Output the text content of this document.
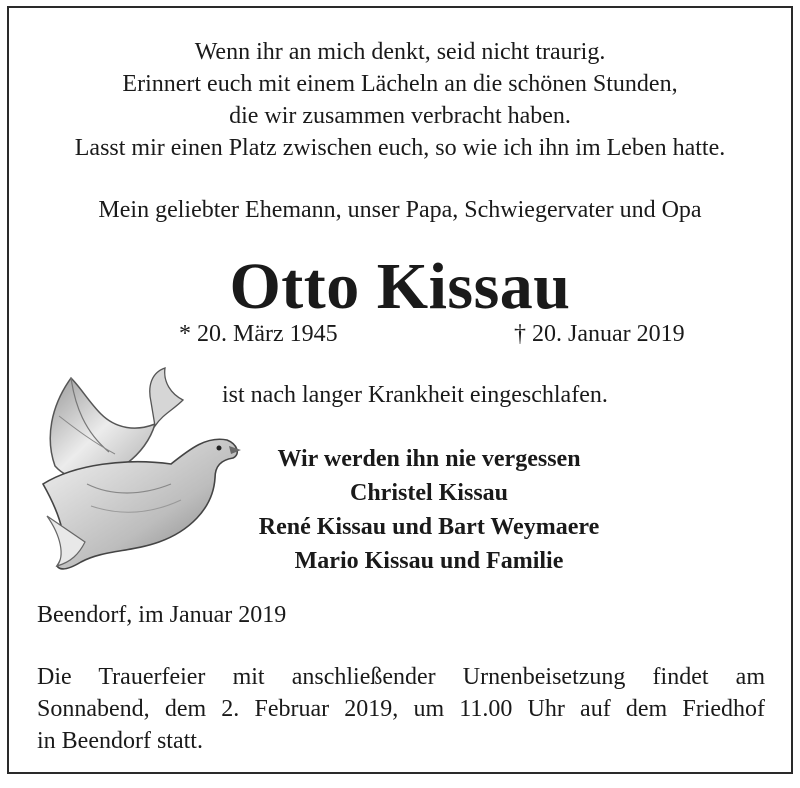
Wenn ihr an mich denkt, seid nicht traurig.
Erinnert euch mit einem Lächeln an die schönen Stunden,
die wir zusammen verbracht haben.
Lasst mir einen Platz zwischen euch, so wie ich ihn im Leben hatte.
Mein geliebter Ehemann, unser Papa, Schwiegervater und Opa
Otto Kissau
* 20. März 1945	† 20. Januar 2019
ist nach langer Krankheit eingeschlafen.
Wir werden ihn nie vergessen
Christel Kissau
René Kissau und Bart Weymaere
Mario Kissau und Familie
Beendorf, im Januar 2019
Die Trauerfeier mit anschließender Urnenbeisetzung findet am
Sonnabend, dem 2. Februar 2019, um 11.00 Uhr auf dem Friedhof
in Beendorf statt.
